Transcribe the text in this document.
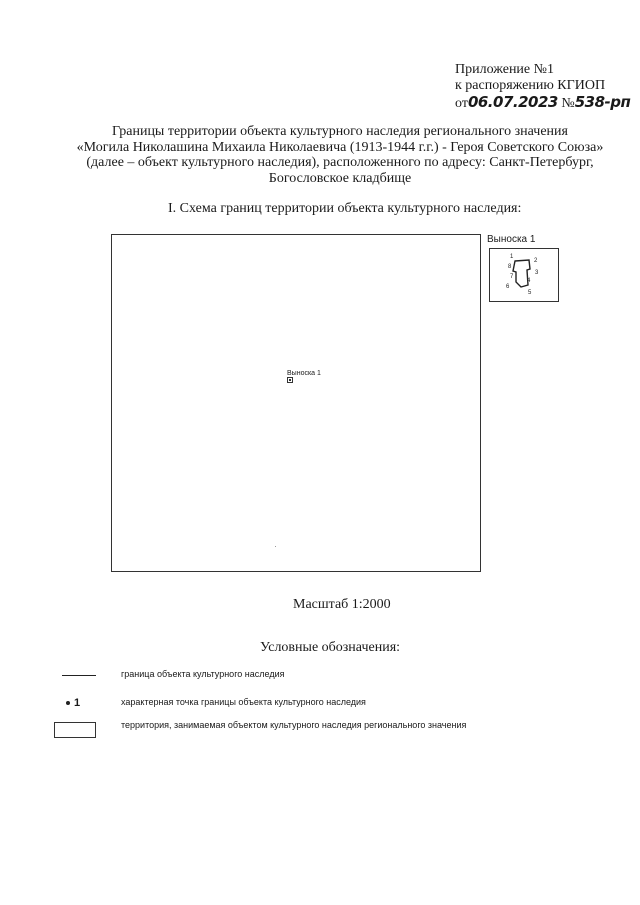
Приложение №1
к распоряжению КГИОП
от06.07.2023 №538-рп
Границы территории объекта культурного наследия регионального значения
«Могила Николашина Михаила Николаевича (1913-1944 г.г.) - Героя Советского Союза»
(далее – объект культурного наследия), расположенного по адресу: Санкт-Петербург,
Богословское кладбище
I. Схема границ территории объекта культурного наследия:
Выноска 1
Выноска 1
1
2
3
4
5
6
7
8
Масштаб 1:2000
Условные обозначения:
граница объекта культурного наследия
1	характерная точка границы объекта культурного наследия
территория, занимаемая объектом культурного наследия регионального значения
